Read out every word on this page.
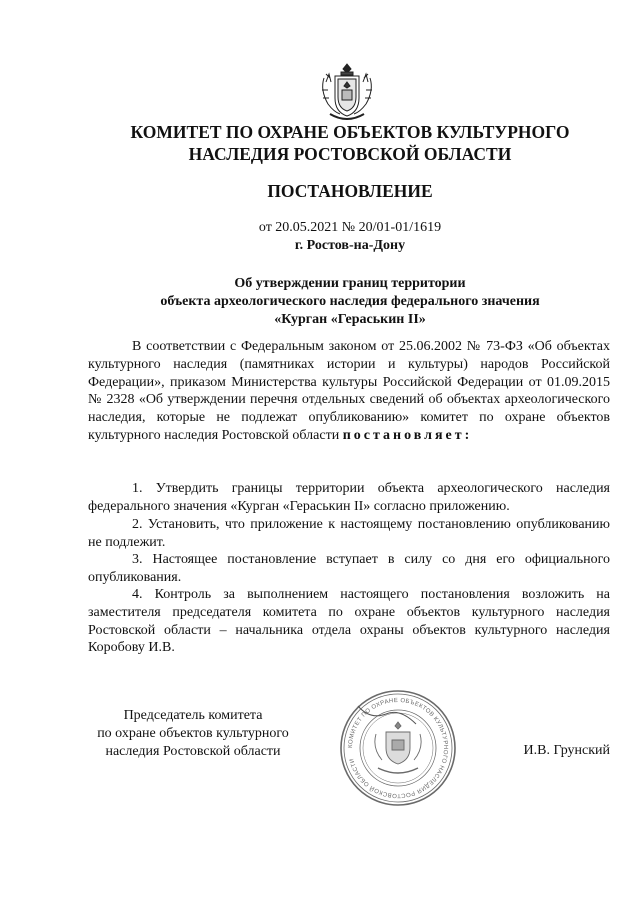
КОМИТЕТ ПО ОХРАНЕ ОБЪЕКТОВ КУЛЬТУРНОГО
НАСЛЕДИЯ РОСТОВСКОЙ ОБЛАСТИ
ПОСТАНОВЛЕНИЕ
от 20.05.2021 № 20/01-01/1619
г. Ростов-на-Дону
Об утверждении границ территории
объекта археологического наследия федерального значения
«Курган «Гераськин II»
В соответствии с Федеральным законом от 25.06.2002 № 73-ФЗ «Об объектах культурного наследия (памятниках истории и культуры) народов Российской Федерации», приказом Министерства культуры Российской Федерации от 01.09.2015 № 2328 «Об утверждении перечня отдельных сведений об объектах археологического наследия, которые не подлежат опубликованию» комитет по охране объектов культурного наследия Ростовской области постановляет:
1. Утвердить границы территории объекта археологического наследия федерального значения «Курган «Гераськин II» согласно приложению.
2. Установить, что приложение к настоящему постановлению опубликованию не подлежит.
3. Настоящее постановление вступает в силу со дня его официального опубликования.
4. Контроль за выполнением настоящего постановления возложить на заместителя председателя комитета по охране объектов культурного наследия Ростовской области – начальника отдела охраны объектов культурного наследия Коробову И.В.
Председатель комитета
по охране объектов культурного
наследия Ростовской области	КОМИТЕТ ПО ОХРАНЕ ОБЪЕКТОВ КУЛЬТУРНОГО НАСЛЕДИЯ РОСТОВСКОЙ ОБЛАСТИ
И.В. Грунский
